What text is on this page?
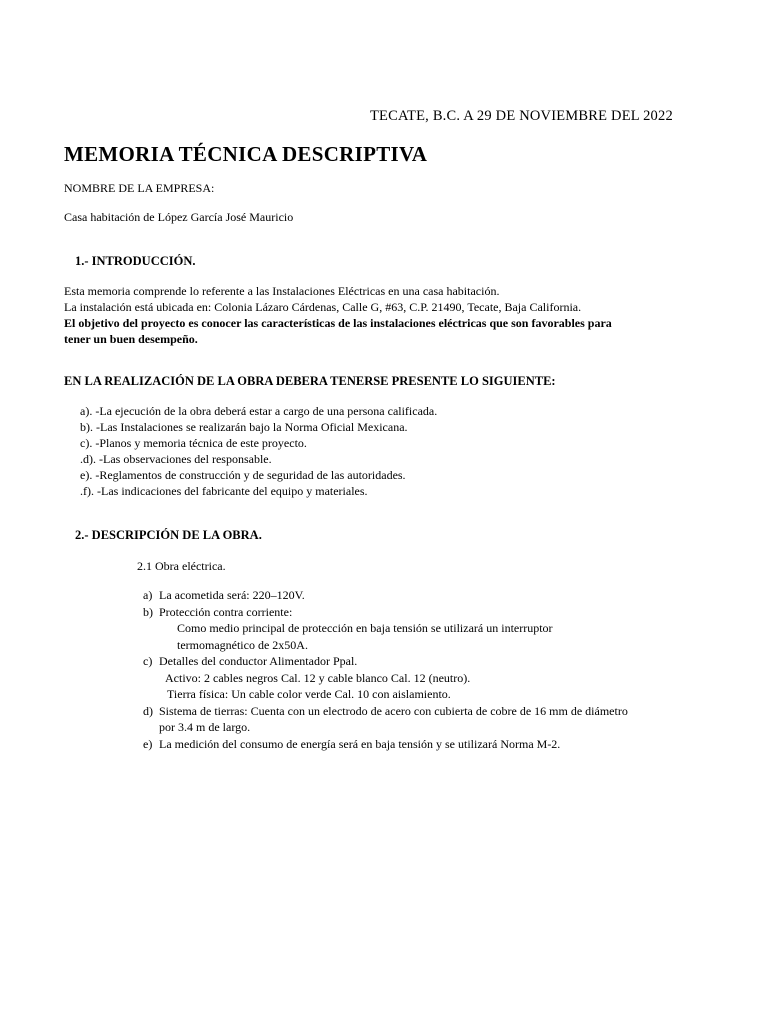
TECATE, B.C. A 29 DE NOVIEMBRE DEL 2022
MEMORIA TÉCNICA DESCRIPTIVA
NOMBRE DE LA EMPRESA:
Casa habitación de López García José Mauricio
1.- INTRODUCCIÓN.
Esta memoria comprende lo referente a las Instalaciones Eléctricas en una casa habitación.
La instalación está ubicada en: Colonia Lázaro Cárdenas, Calle G, #63, C.P. 21490, Tecate, Baja California.
El objetivo del proyecto es conocer las características de las instalaciones eléctricas que son favorables para
tener un buen desempeño.
EN LA REALIZACIÓN DE LA OBRA DEBERA TENERSE PRESENTE LO SIGUIENTE:
a). -La ejecución de la obra deberá estar a cargo de una persona calificada.
b). -Las Instalaciones se realizarán bajo la Norma Oficial Mexicana.
c). -Planos y memoria técnica de este proyecto.
.d). -Las observaciones del responsable.
e). -Reglamentos de construcción y de seguridad de las autoridades.
.f). -Las indicaciones del fabricante del equipo y materiales.
2.- DESCRIPCIÓN DE LA OBRA.
2.1 Obra eléctrica.
a) La acometida será: 220–120V.
b) Protección contra corriente:
Como medio principal de protección en baja tensión se utilizará un interruptor
termomagnético de 2x50A.
c) Detalles del conductor Alimentador Ppal.
Activo: 2 cables negros Cal. 12 y cable blanco Cal. 12 (neutro).
Tierra física: Un cable color verde Cal. 10 con aislamiento.
d) Sistema de tierras: Cuenta con un electrodo de acero con cubierta de cobre de 16 mm de diámetro
por 3.4 m de largo.
e) La medición del consumo de energía será en baja tensión y se utilizará Norma M-2.
